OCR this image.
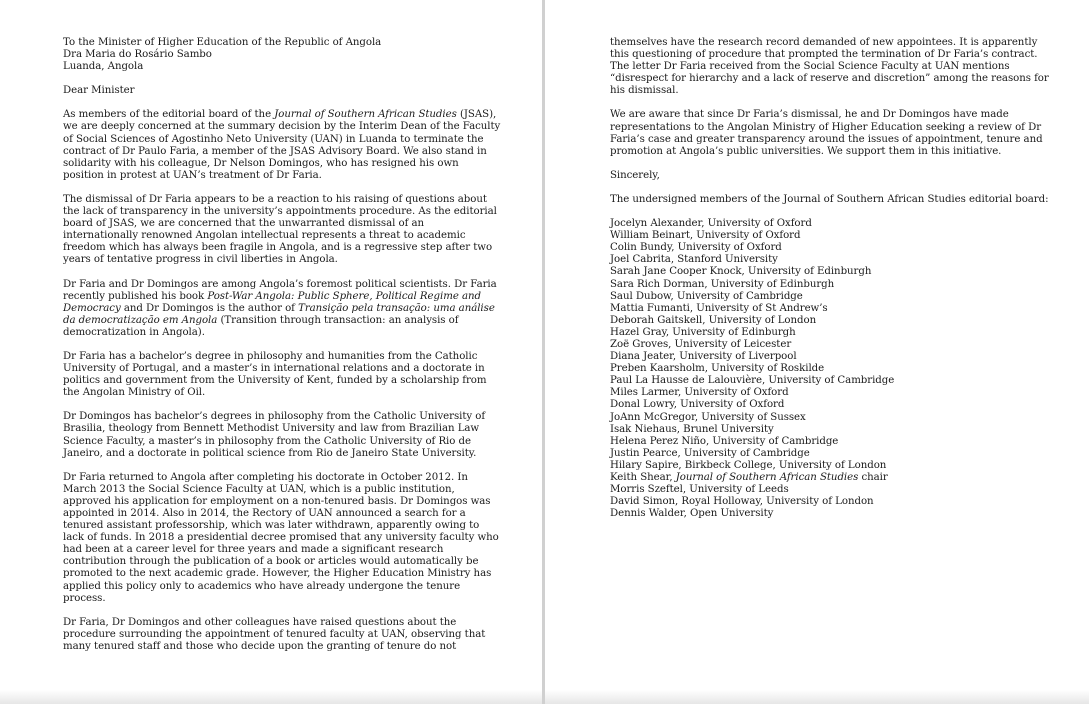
To the Minister of Higher Education of the Republic of Angola
Dra Maria do Rosário Sambo
Luanda, Angola

Dear Minister

As members of the editorial board of the Journal of Southern African Studies (JSAS), we are deeply concerned at the summary decision by the Interim Dean of the Faculty of Social Sciences of Agostinho Neto University (UAN) in Luanda to terminate the contract of Dr Paulo Faria, a member of the JSAS Advisory Board. We also stand in solidarity with his colleague, Dr Nelson Domingos, who has resigned his own position in protest at UAN’s treatment of Dr Faria.

The dismissal of Dr Faria appears to be a reaction to his raising of questions about the lack of transparency in the university’s appointments procedure. As the editorial board of JSAS, we are concerned that the unwarranted dismissal of an internationally renowned Angolan intellectual represents a threat to academic freedom which has always been fragile in Angola, and is a regressive step after two years of tentative progress in civil liberties in Angola.

Dr Faria and Dr Domingos are among Angola’s foremost political scientists. Dr Faria recently published his book Post-War Angola: Public Sphere, Political Regime and Democracy and Dr Domingos is the author of Transição pela transação: uma análise da democratização em Angola (Transition through transaction: an analysis of democratization in Angola).

Dr Faria has a bachelor’s degree in philosophy and humanities from the Catholic University of Portugal, and a master’s in international relations and a doctorate in politics and government from the University of Kent, funded by a scholarship from the Angolan Ministry of Oil.

Dr Domingos has bachelor’s degrees in philosophy from the Catholic University of Brasilia, theology from Bennett Methodist University and law from Brazilian Law Science Faculty, a master’s in philosophy from the Catholic University of Rio de Janeiro, and a doctorate in political science from Rio de Janeiro State University.

Dr Faria returned to Angola after completing his doctorate in October 2012. In March 2013 the Social Science Faculty at UAN, which is a public institution, approved his application for employment on a non-tenured basis. Dr Domingos was appointed in 2014. Also in 2014, the Rectory of UAN announced a search for a tenured assistant professorship, which was later withdrawn, apparently owing to lack of funds. In 2018 a presidential decree promised that any university faculty who had been at a career level for three years and made a significant research contribution through the publication of a book or articles would automatically be promoted to the next academic grade. However, the Higher Education Ministry has applied this policy only to academics who have already undergone the tenure process.

Dr Faria, Dr Domingos and other colleagues have raised questions about the procedure surrounding the appointment of tenured faculty at UAN, observing that many tenured staff and those who decide upon the granting of tenure do not

themselves have the research record demanded of new appointees. It is apparently this questioning of procedure that prompted the termination of Dr Faria’s contract. The letter Dr Faria received from the Social Science Faculty at UAN mentions “disrespect for hierarchy and a lack of reserve and discretion” among the reasons for his dismissal.

We are aware that since Dr Faria’s dismissal, he and Dr Domingos have made representations to the Angolan Ministry of Higher Education seeking a review of Dr Faria’s case and greater transparency around the issues of appointment, tenure and promotion at Angola’s public universities. We support them in this initiative.

Sincerely,

The undersigned members of the Journal of Southern African Studies editorial board:

Jocelyn Alexander, University of Oxford
William Beinart, University of Oxford
Colin Bundy, University of Oxford
Joel Cabrita, Stanford University
Sarah Jane Cooper Knock, University of Edinburgh
Sara Rich Dorman, University of Edinburgh
Saul Dubow, University of Cambridge
Mattia Fumanti, University of St Andrew’s
Deborah Gaitskell, University of London
Hazel Gray, University of Edinburgh
Zoë Groves, University of Leicester
Diana Jeater, University of Liverpool
Preben Kaarsholm, University of Roskilde
Paul La Hausse de Lalouvière, University of Cambridge
Miles Larmer, University of Oxford
Donal Lowry, University of Oxford
JoAnn McGregor, University of Sussex
Isak Niehaus, Brunel University
Helena Perez Niño, University of Cambridge
Justin Pearce, University of Cambridge
Hilary Sapire, Birkbeck College, University of London
Keith Shear, Journal of Southern African Studies chair
Morris Szeftel, University of Leeds
David Simon, Royal Holloway, University of London
Dennis Walder, Open University
